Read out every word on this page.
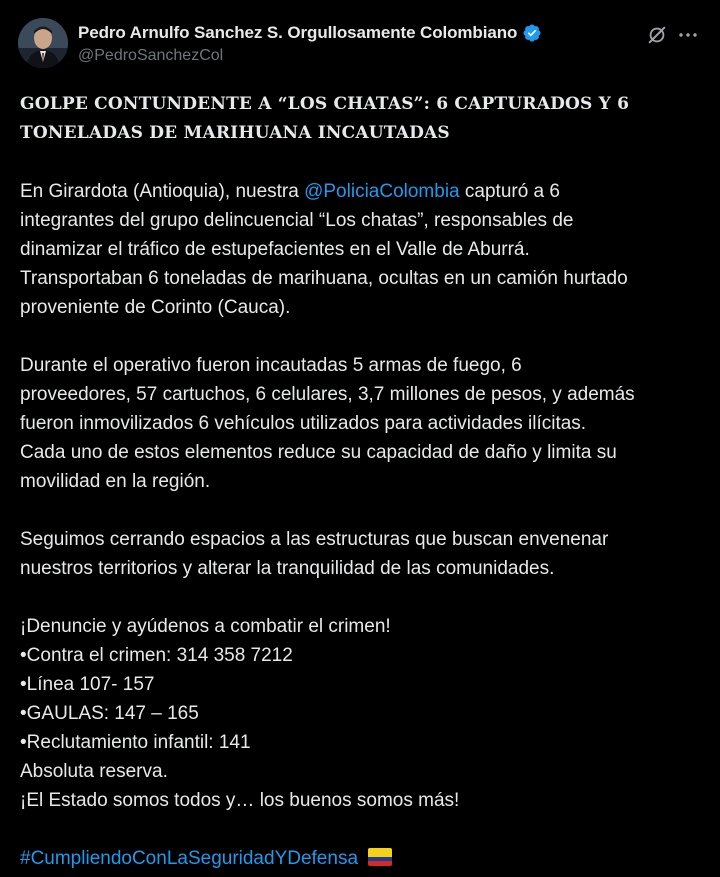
Pedro Arnulfo Sanchez S. Orgullosamente Colombiano
@PedroSanchezCol
GOLPE CONTUNDENTE A “LOS CHATAS”: 6 CAPTURADOS Y 6
TONELADAS DE MARIHUANA INCAUTADAS
En Girardota (Antioquia), nuestra @PoliciaColombia capturó a 6
integrantes del grupo delincuencial “Los chatas”, responsables de
dinamizar el tráfico de estupefacientes en el Valle de Aburrá.
Transportaban 6 toneladas de marihuana, ocultas en un camión hurtado
proveniente de Corinto (Cauca).
Durante el operativo fueron incautadas 5 armas de fuego, 6
proveedores, 57 cartuchos, 6 celulares, 3,7 millones de pesos, y además
fueron inmovilizados 6 vehículos utilizados para actividades ilícitas.
Cada uno de estos elementos reduce su capacidad de daño y limita su
movilidad en la región.
Seguimos cerrando espacios a las estructuras que buscan envenenar
nuestros territorios y alterar la tranquilidad de las comunidades.
¡Denuncie y ayúdenos a combatir el crimen!
•Contra el crimen: 314 358 7212
•Línea 107- 157
•GAULAS: 147 – 165
•Reclutamiento infantil: 141
Absoluta reserva.
¡El Estado somos todos y… los buenos somos más!
#CumpliendoConLaSeguridadYDefensa
